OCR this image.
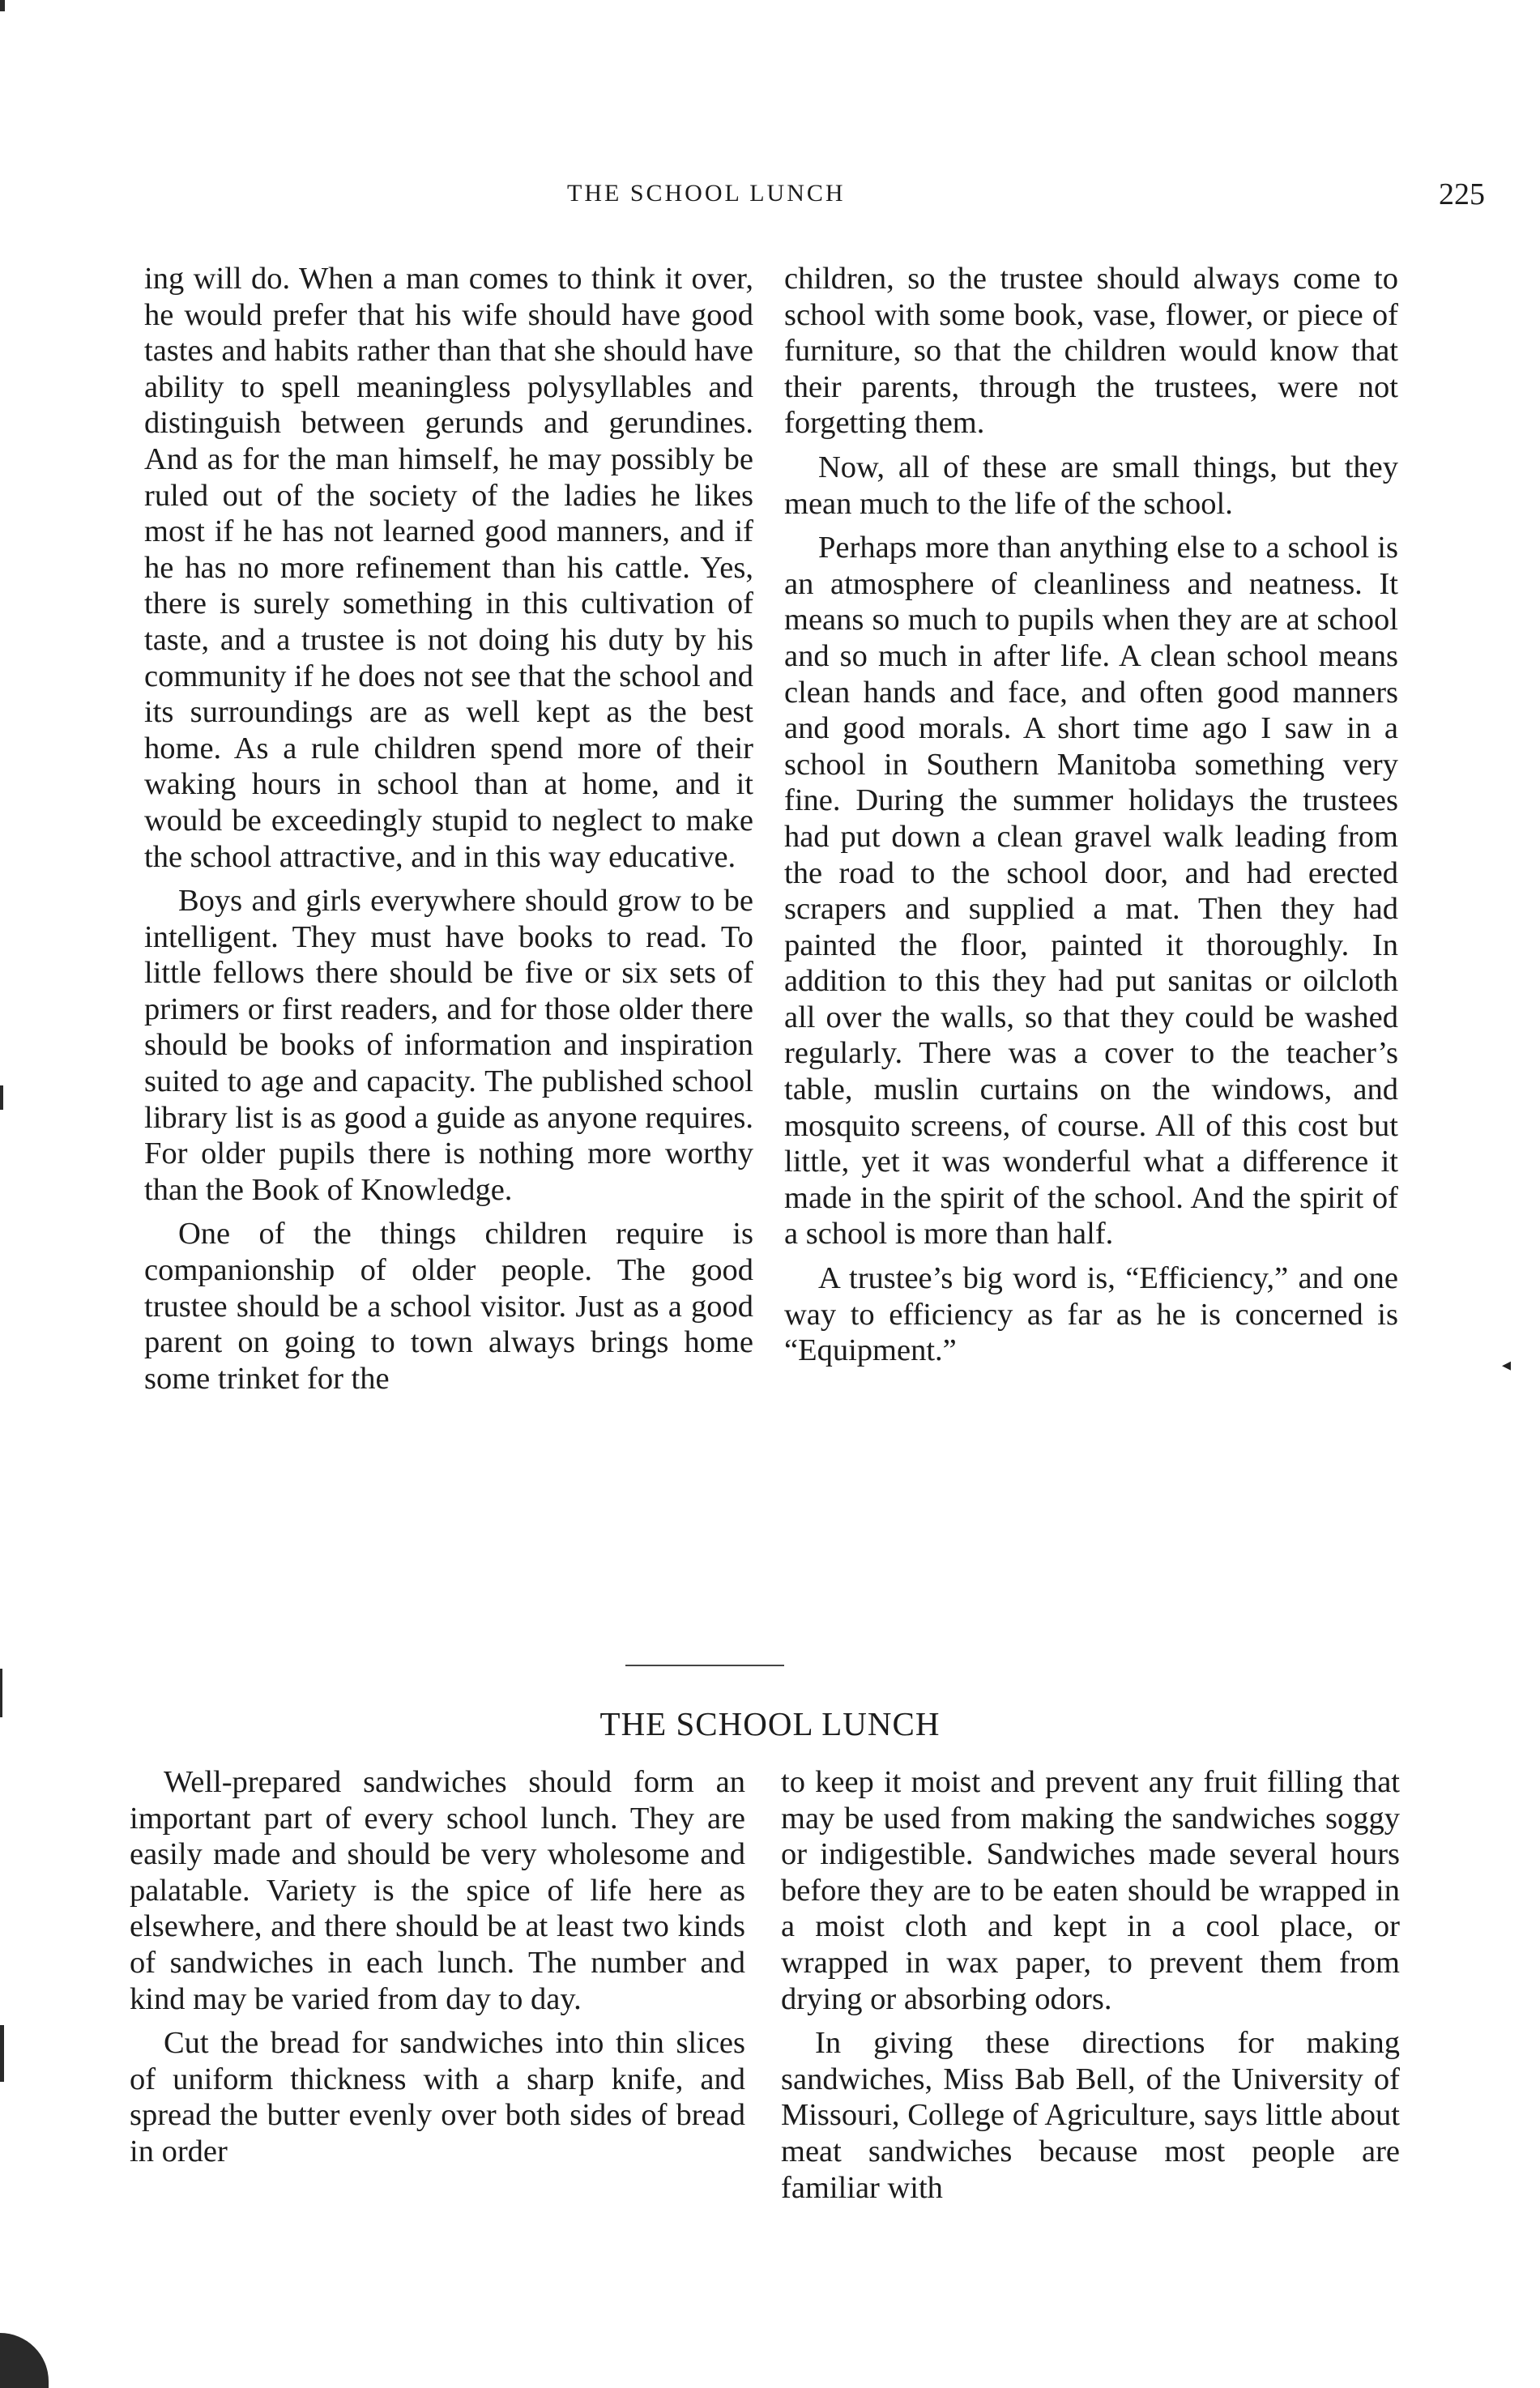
THE SCHOOL LUNCH	225

ing will do. When a man comes to think it over, he would prefer that his wife should have good tastes and habits rather than that she should have ability to spell meaningless polysyllables and distinguish between gerunds and gerundines. And as for the man himself, he may possibly be ruled out of the society of the ladies he likes most if he has not learned good manners, and if he has no more refinement than his cattle. Yes, there is surely something in this cultivation of taste, and a trustee is not doing his duty by his community if he does not see that the school and its surroundings are as well kept as the best home. As a rule children spend more of their waking hours in school than at home, and it would be exceedingly stupid to neglect to make the school attractive, and in this way educative.

Boys and girls everywhere should grow to be intelligent. They must have books to read. To little fellows there should be five or six sets of primers or first readers, and for those older there should be books of information and inspiration suited to age and capacity. The published school library list is as good a guide as anyone requires. For older pupils there is nothing more worthy than the Book of Knowledge.

One of the things children require is companionship of older people. The good trustee should be a school visitor. Just as a good parent on going to town always brings home some trinket for the

children, so the trustee should always come to school with some book, vase, flower, or piece of furniture, so that the children would know that their parents, through the trustees, were not forgetting them.

Now, all of these are small things, but they mean much to the life of the school.

Perhaps more than anything else to a school is an atmosphere of cleanliness and neatness. It means so much to pupils when they are at school and so much in after life. A clean school means clean hands and face, and often good manners and good morals. A short time ago I saw in a school in Southern Manitoba something very fine. During the summer holidays the trustees had put down a clean gravel walk leading from the road to the school door, and had erected scrapers and supplied a mat. Then they had painted the floor, painted it thoroughly. In addition to this they had put sanitas or oilcloth all over the walls, so that they could be washed regularly. There was a cover to the teacher’s table, muslin curtains on the windows, and mosquito screens, of course. All of this cost but little, yet it was wonderful what a difference it made in the spirit of the school. And the spirit of a school is more than half.

A trustee’s big word is, “Efficiency,” and one way to efficiency as far as he is concerned is “Equipment.”	◂
THE SCHOOL LUNCH

Well-prepared sandwiches should form an important part of every school lunch. They are easily made and should be very wholesome and palatable. Variety is the spice of life here as elsewhere, and there should be at least two kinds of sandwiches in each lunch. The number and kind may be varied from day to day.

Cut the bread for sandwiches into thin slices of uniform thickness with a sharp knife, and spread the butter evenly over both sides of bread in order

to keep it moist and prevent any fruit filling that may be used from making the sandwiches soggy or indigestible. Sandwiches made several hours before they are to be eaten should be wrapped in a moist cloth and kept in a cool place, or wrapped in wax paper, to prevent them from drying or absorbing odors.

In giving these directions for making sandwiches, Miss Bab Bell, of the University of Missouri, College of Agriculture, says little about meat sandwiches because most people are familiar with
